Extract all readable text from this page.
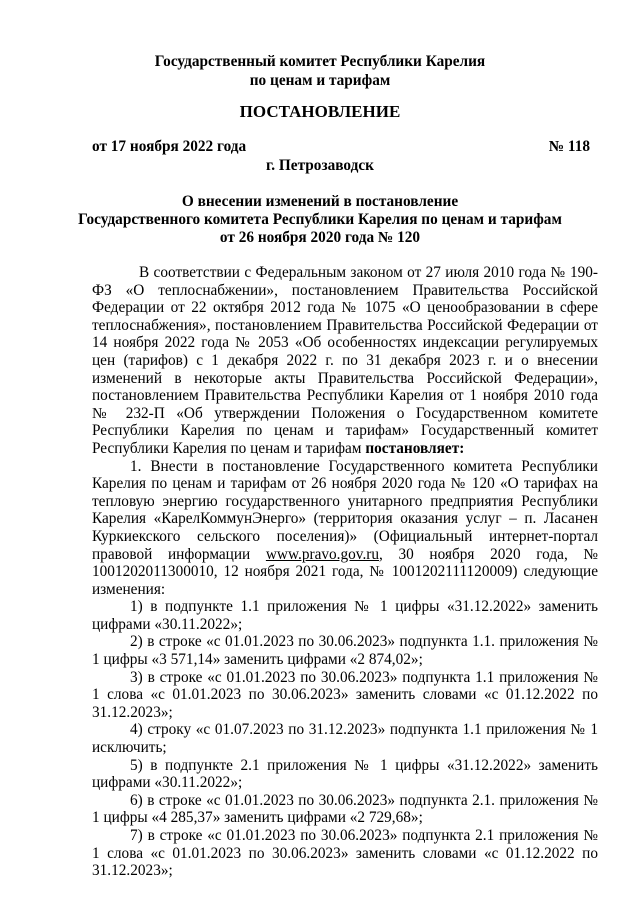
Государственный комитет Республики Карелия
по ценам и тарифам
ПОСТАНОВЛЕНИЕ
от 17 ноября 2022 года	№ 118
г. Петрозаводск
О внесении изменений в постановление
Государственного комитета Республики Карелия по ценам и тарифам
от 26 ноября 2020 года № 120

В соответствии с Федеральным законом от 27 июля 2010 года № 190-ФЗ «О теплоснабжении», постановлением Правительства Российской Федерации от 22 октября 2012 года № 1075 «О ценообразовании в сфере теплоснабжения», постановлением Правительства Российской Федерации от 14 ноября 2022 года № 2053 «Об особенностях индексации регулируемых цен (тарифов) с 1 декабря 2022 г. по 31 декабря 2023 г. и о внесении изменений в некоторые акты Правительства Российской Федерации», постановлением Правительства Республики Карелия от 1 ноября 2010 года № 232-П «Об утверждении Положения о Государственном комитете Республики Карелия по ценам и тарифам» Государственный комитет Республики Карелия по ценам и тарифам постановляет:

1. Внести в постановление Государственного комитета Республики Карелия по ценам и тарифам от 26 ноября 2020 года № 120 «О тарифах на тепловую энергию государственного унитарного предприятия Республики Карелия «КарелКоммунЭнерго» (территория оказания услуг – п. Ласанен Куркиекского сельского поселения)» (Официальный интернет-портал правовой информации www.pravo.gov.ru, 30 ноября 2020 года, № 1001202011300010, 12 ноября 2021 года, № 1001202111120009) следующие изменения:

1) в подпункте 1.1 приложения № 1 цифры «31.12.2022» заменить цифрами «30.11.2022»;

2) в строке «с 01.01.2023 по 30.06.2023» подпункта 1.1. приложения № 1 цифры «3 571,14» заменить цифрами «2 874,02»;

3) в строке «с 01.01.2023 по 30.06.2023» подпункта 1.1 приложения № 1 слова «с 01.01.2023 по 30.06.2023» заменить словами «с 01.12.2022 по 31.12.2023»;

4) строку «с 01.07.2023 по 31.12.2023» подпункта 1.1 приложения № 1 исключить;

5) в подпункте 2.1 приложения № 1 цифры «31.12.2022» заменить цифрами «30.11.2022»;

6) в строке «с 01.01.2023 по 30.06.2023» подпункта 2.1. приложения № 1 цифры «4 285,37» заменить цифрами «2 729,68»;

7) в строке «с 01.01.2023 по 30.06.2023» подпункта 2.1 приложения № 1 слова «с 01.01.2023 по 30.06.2023» заменить словами «с 01.12.2022 по 31.12.2023»;
